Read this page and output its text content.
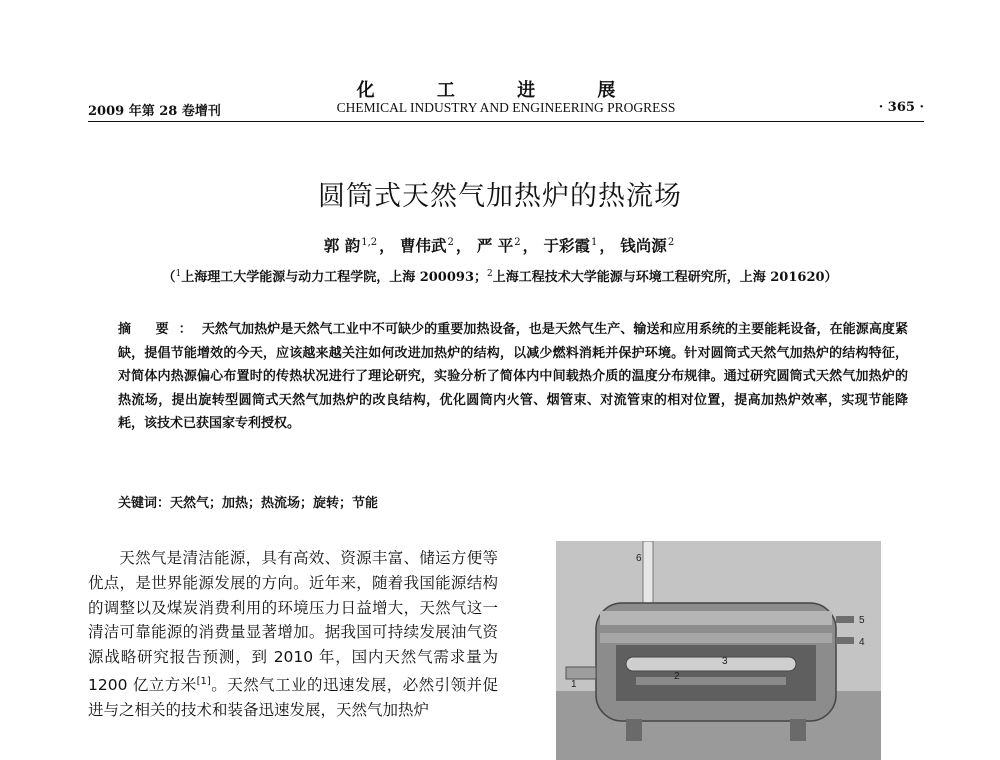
化 工 进 展
2009 年第 28 卷增刊	CHEMICAL INDUSTRY AND ENGINEERING PROGRESS	· 365 ·
圆筒式天然气加热炉的热流场
郭 韵$^{1,2}$ ， 曹伟武$^2$ ， 严 平$^2$ ， 于彩霞$^1$ ， 钱尚源$^2$
（$^1$上海理工大学能源与动力工程学院，上海 200093；$^2$上海工程技术大学能源与环境工程研究所，上海 201620）
摘 要：天然气加热炉是天然气工业中不可缺少的重要加热设备，也是天然气生产、输送和应用系统的主要能耗设备，在能源高度紧缺，提倡节能增效的今天，应该越来越关注如何改进加热炉的结构，以减少燃料消耗并保护环境。针对圆筒式天然气加热炉的结构特征，对简体内热源偏心布置时的传热状况进行了理论研究，实验分析了简体内中间载热介质的温度分布规律。通过研究圆筒式天然气加热炉的热流场，提出旋转型圆筒式天然气加热炉的改良结构，优化圆筒内火管、烟管束、对流管束的相对位置，提高加热炉效率，实现节能降耗，该技术已获国家专利授权。
关键词：天然气；加热；热流场；旋转；节能
  天然气是清洁能源，具有高效、资源丰富、储运方便等优点，是世界能源发展的方向。近年来，随着我国能源结构的调整以及煤炭消费利用的环境压力日益增大，天然气这一清洁可靠能源的消费量显著增加。据我国可持续发展油气资源战略研究报告预测，到 2010 年，国内天然气需求量为 1200 亿立方米[1]。天然气工业的迅速发展，必然引领并促进与之相关的技术和装备迅速发展，天然气加热炉
1
2
3
4
5
6
